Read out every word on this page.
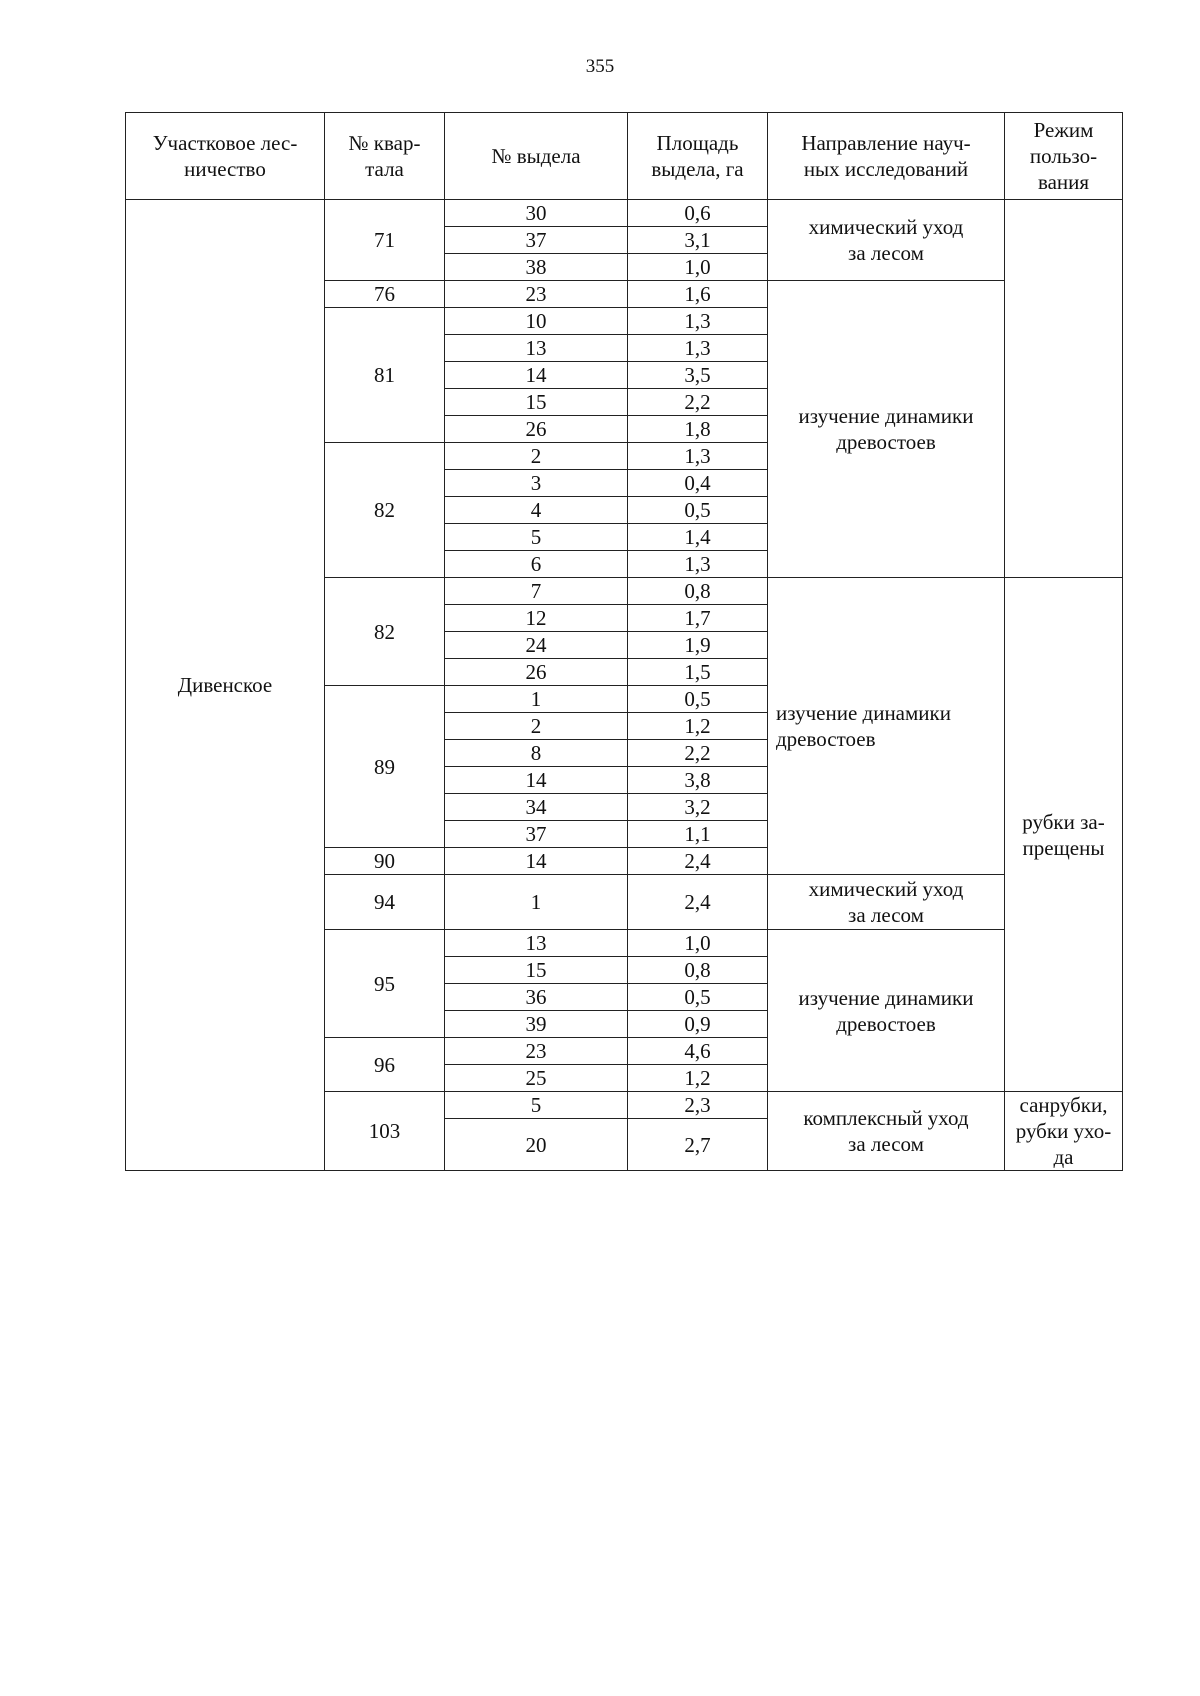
355
Участковое лес-
ничество	№ квар-
тала	№ выдела	Площадь
выдела, га	Направление науч-
ных исследований	Режим
пользо-
вания
Дивенское	71	30	0,6	химический уход
за лесом	
		37	3,1		
		38	1,0		
	76	23	1,6	изучение динамики
древостоев	
	81	10	1,3		
		13	1,3		
		14	3,5		
		15	2,2		
		26	1,8		
	82	2	1,3		
		3	0,4		
		4	0,5		
		5	1,4		
		6	1,3		
	82	7	0,8	изучение динамики
древостоев	рубки за-
прещены
		12	1,7		
		24	1,9		
		26	1,5		
	89	1	0,5		
		2	1,2		
		8	2,2		
		14	3,8		
		34	3,2		
		37	1,1		
	90	14	2,4		
	94	1	2,4	химический уход
за лесом	
	95	13	1,0	изучение динамики
древостоев	
		15	0,8		
		36	0,5		
		39	0,9		
	96	23	4,6		
		25	1,2		
	103	5	2,3	комплексный уход
за лесом	санрубки,
рубки ухо-
да
		20	2,7		
